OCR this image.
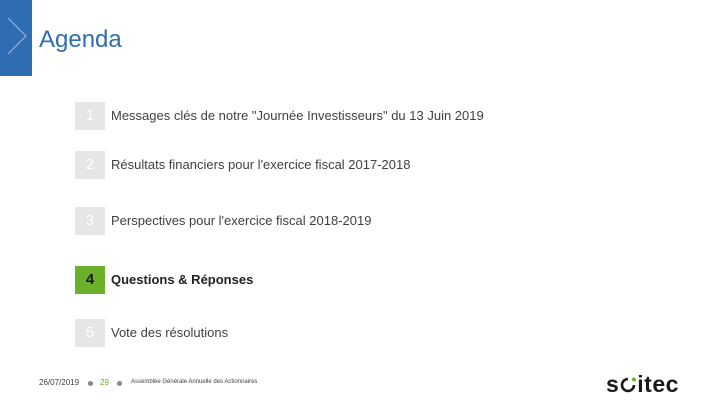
Agenda
1	Messages clés de notre "Journée Investisseurs" du 13 Juin 2019
2	Résultats financiers pour l'exercice fiscal 2017-2018
3	Perspectives pour l'exercice fiscal 2018-2019
4	Questions & Réponses
5	Vote des résolutions
26/07/2019	29	Assemblée Générale Annuelle des Actionnaires	s itec
